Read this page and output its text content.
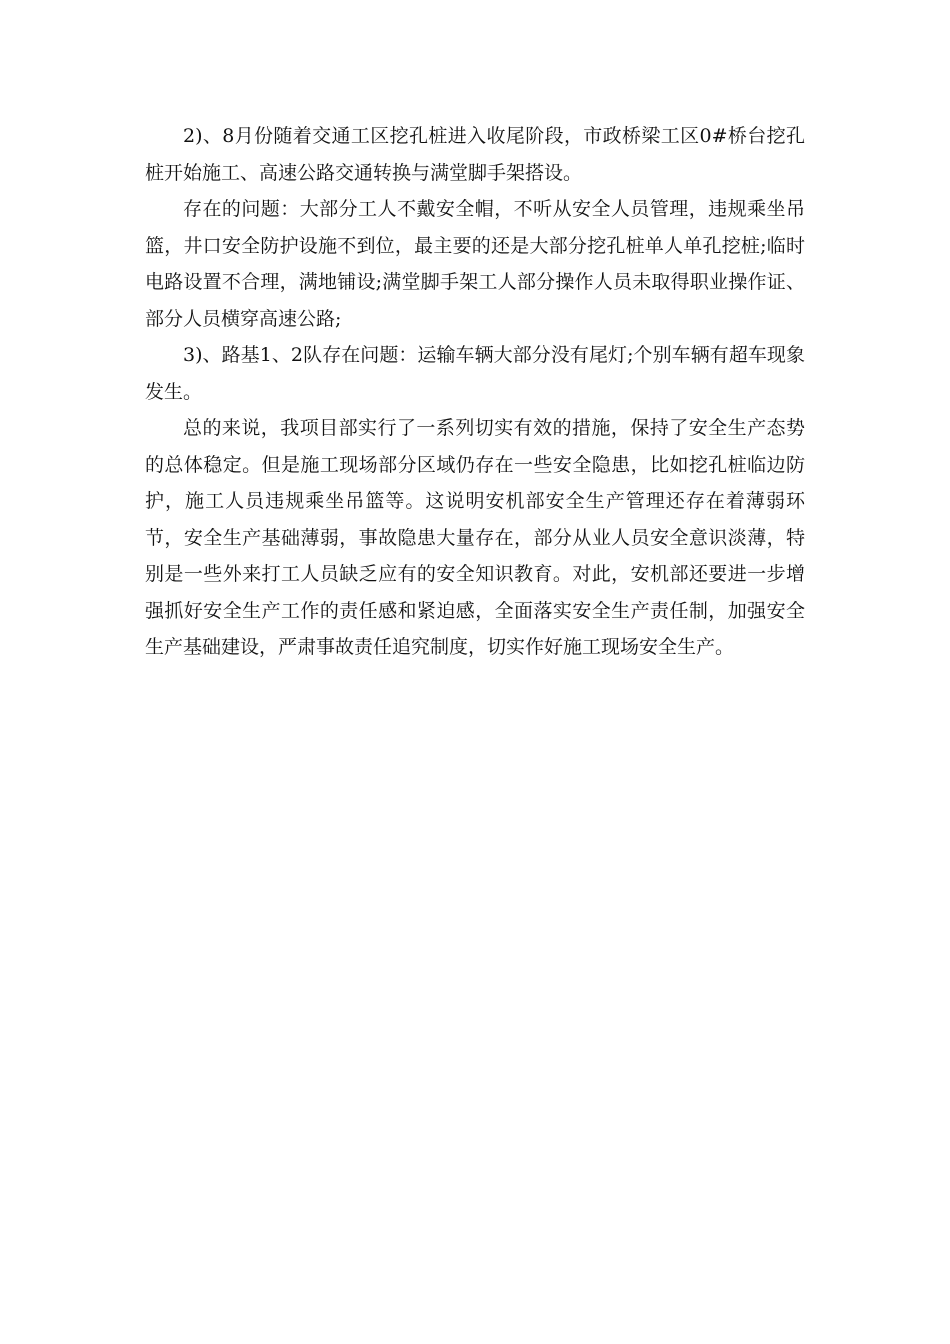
2)、8月份随着交通工区挖孔桩进入收尾阶段，市政桥梁工区0#桥台挖孔桩开始施工、高速公路交通转换与满堂脚手架搭设。

存在的问题：大部分工人不戴安全帽，不听从安全人员管理，违规乘坐吊篮，井口安全防护设施不到位，最主要的还是大部分挖孔桩单人单孔挖桩;临时电路设置不合理，满地铺设;满堂脚手架工人部分操作人员未取得职业操作证、部分人员横穿高速公路;

3)、路基1、2队存在问题：运输车辆大部分没有尾灯;个别车辆有超车现象发生。

总的来说，我项目部实行了一系列切实有效的措施，保持了安全生产态势的总体稳定。但是施工现场部分区域仍存在一些安全隐患，比如挖孔桩临边防护，施工人员违规乘坐吊篮等。这说明安机部安全生产管理还存在着薄弱环节，安全生产基础薄弱，事故隐患大量存在，部分从业人员安全意识淡薄，特别是一些外来打工人员缺乏应有的安全知识教育。对此，安机部还要进一步增强抓好安全生产工作的责任感和紧迫感，全面落实安全生产责任制，加强安全生产基础建设，严肃事故责任追究制度，切实作好施工现场安全生产。
